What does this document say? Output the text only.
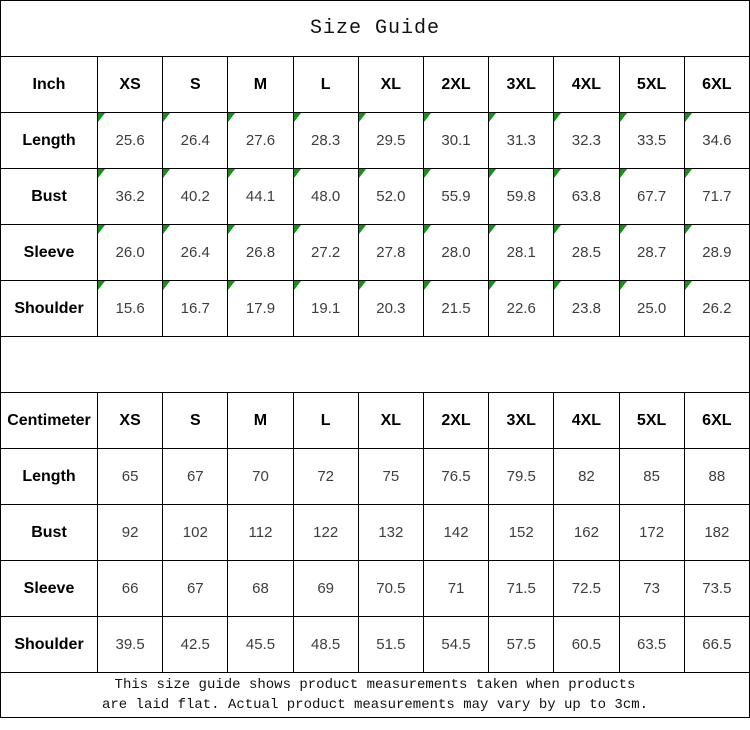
Size Guide
Inch	XS	S	M	L	XL	2XL	3XL	4XL	5XL	6XL
Length	25.6	26.4	27.6	28.3	29.5	30.1	31.3	32.3	33.5	34.6

Bust	36.2	40.2	44.1	48.0	52.0	55.9	59.8	63.8	67.7	71.7

Sleeve	26.0	26.4	26.8	27.2	27.8	28.0	28.1	28.5	28.7	28.9

Shoulder	15.6	16.7	17.9	19.1	20.3	21.5	22.6	23.8	25.0	26.2
Centimeter	XS	S	M	L	XL	2XL	3XL	4XL	5XL	6XL
Length	65	67	70	72	75	76.5	79.5	82	85	88
Bust	92	102	112	122	132	142	152	162	172	182
Sleeve	66	67	68	69	70.5	71	71.5	72.5	73	73.5
Shoulder	39.5	42.5	45.5	48.5	51.5	54.5	57.5	60.5	63.5	66.5
This size guide shows product measurements taken when products
are laid flat. Actual product measurements may vary by up to 3cm.
